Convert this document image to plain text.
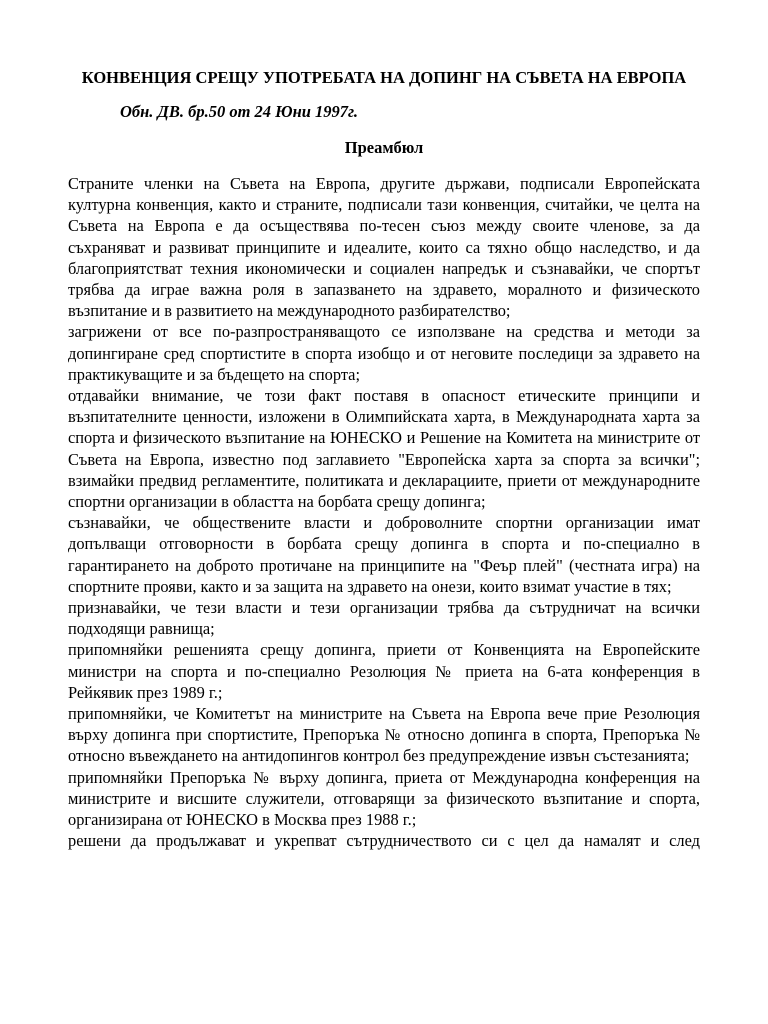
КОНВЕНЦИЯ СРЕЩУ УПОТРЕБАТА НА ДОПИНГ НА СЪВЕТА НА ЕВРОПА
Обн. ДВ. бр.50 от 24 Юни 1997г.
Преамбюл

Страните членки на Съвета на Европа, другите държави, подписали Европейската културна конвенция, както и страните, подписали тази конвенция, считайки, че целта на Съвета на Европа е да осъществява по-тесен съюз между своите членове, за да съхраняват и развиват принципите и идеалите, които са тяхно общо наследство, и да благоприятстват техния икономически и социален напредък и съзнавайки, че спортът трябва да играе важна роля в запазването на здравето, моралното и физическото възпитание и в развитието на международното разбирателство;

загрижени от все по-разпространяващото се използване на средства и методи за допингиране сред спортистите в спорта изобщо и от неговите последици за здравето на практикуващите и за бъдещето на спорта;

отдавайки внимание, че този факт поставя в опасност етическите принципи и възпитателните ценности, изложени в Олимпийската харта, в Международната харта за спорта и физическото възпитание на ЮНЕСКО и Решение на Комитета на министрите от Съвета на Европа, известно под заглавието "Европейска харта за спорта за всички"; взимайки предвид регламентите, политиката и декларациите, приети от международните спортни организации в областта на борбата срещу допинга;

съзнавайки, че обществените власти и доброволните спортни организации имат допълващи отговорности в борбата срещу допинга в спорта и по-специално в гарантирането на доброто протичане на принципите на "Феър плей" (честната игра) на спортните прояви, както и за защита на здравето на онези, които взимат участие в тях;

признавайки, че тези власти и тези организации трябва да сътрудничат на всички подходящи равнища;

припомняйки решенията срещу допинга, приети от Конвенцията на Европейските министри на спорта и по-специално Резолюция № приета на 6-ата конференция в Рейкявик през 1989 г.;

припомняйки, че Комитетът на министрите на Съвета на Европа вече прие Резолюция върху допинга при спортистите, Препоръка № относно допинга в спорта, Препоръка № относно въвеждането на антидопингов контрол без предупреждение извън състезанията;

припомняйки Препоръка № върху допинга, приета от Международна конференция на министрите и висшите служители, отговарящи за физическото възпитание и спорта, организирана от ЮНЕСКО в Москва през 1988 г.;

решени да продължават и укрепват сътрудничеството си с цел да намалят и след
